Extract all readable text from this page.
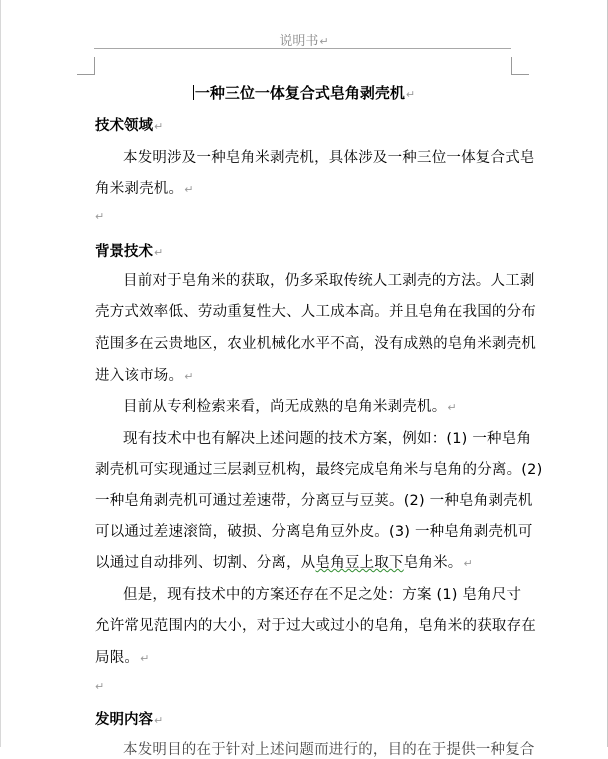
说明书↵
一种三位一体复合式皂角剥壳机↵
技术领域↵
本发明涉及一种皂角米剥壳机，具体涉及一种三位一体复合式皂
角米剥壳机。↵
↵
背景技术↵
目前对于皂角米的获取，仍多采取传统人工剥壳的方法。人工剥
壳方式效率低、劳动重复性大、人工成本高。并且皂角在我国的分布
范围多在云贵地区，农业机械化水平不高，没有成熟的皂角米剥壳机
进入该市场。↵
目前从专利检索来看，尚无成熟的皂角米剥壳机。↵
现有技术中也有解决上述问题的技术方案，例如：(1) 一种皂角
剥壳机可实现通过三层剥豆机构，最终完成皂角米与皂角的分离。(2)
一种皂角剥壳机可通过差速带，分离豆与豆荚。(2) 一种皂角剥壳机
可以通过差速滚筒，破损、分离皂角豆外皮。(3) 一种皂角剥壳机可
以通过自动排列、切割、分离，从皂角豆上取下皂角米。↵
但是，现有技术中的方案还存在不足之处：方案 (1) 皂角尺寸
允许常见范围内的大小，对于过大或过小的皂角，皂角米的获取存在
局限。↵
↵
发明内容↵
本发明目的在于针对上述问题而进行的，目的在于提供一种复合
